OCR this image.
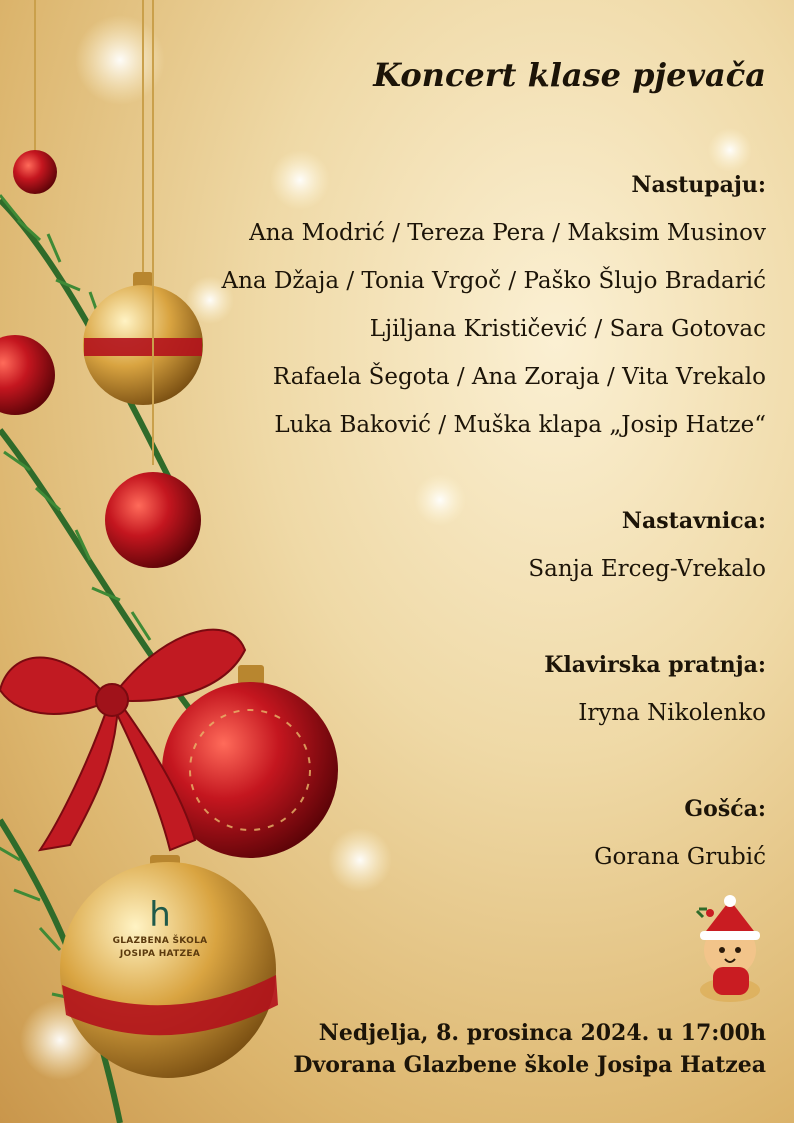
h
GLAZBENA ŠKOLA
JOSIPA HATZEA
Koncert klase pjevača
Nastupaju:
Ana Modrić / Tereza Pera / Maksim Musinov
Ana Džaja / Tonia Vrgoč / Paško Šlujo Bradarić
Ljiljana Krističević / Sara Gotovac
Rafaela Šegota / Ana Zoraja / Vita Vrekalo
Luka Baković / Muška klapa „Josip Hatze“
Nastavnica:
Sanja Erceg-Vrekalo
Klavirska pratnja:
Iryna Nikolenko
Gošća:
Gorana Grubić
Nedjelja, 8. prosinca 2024. u 17:00h
Dvorana Glazbene škole Josipa Hatzea
